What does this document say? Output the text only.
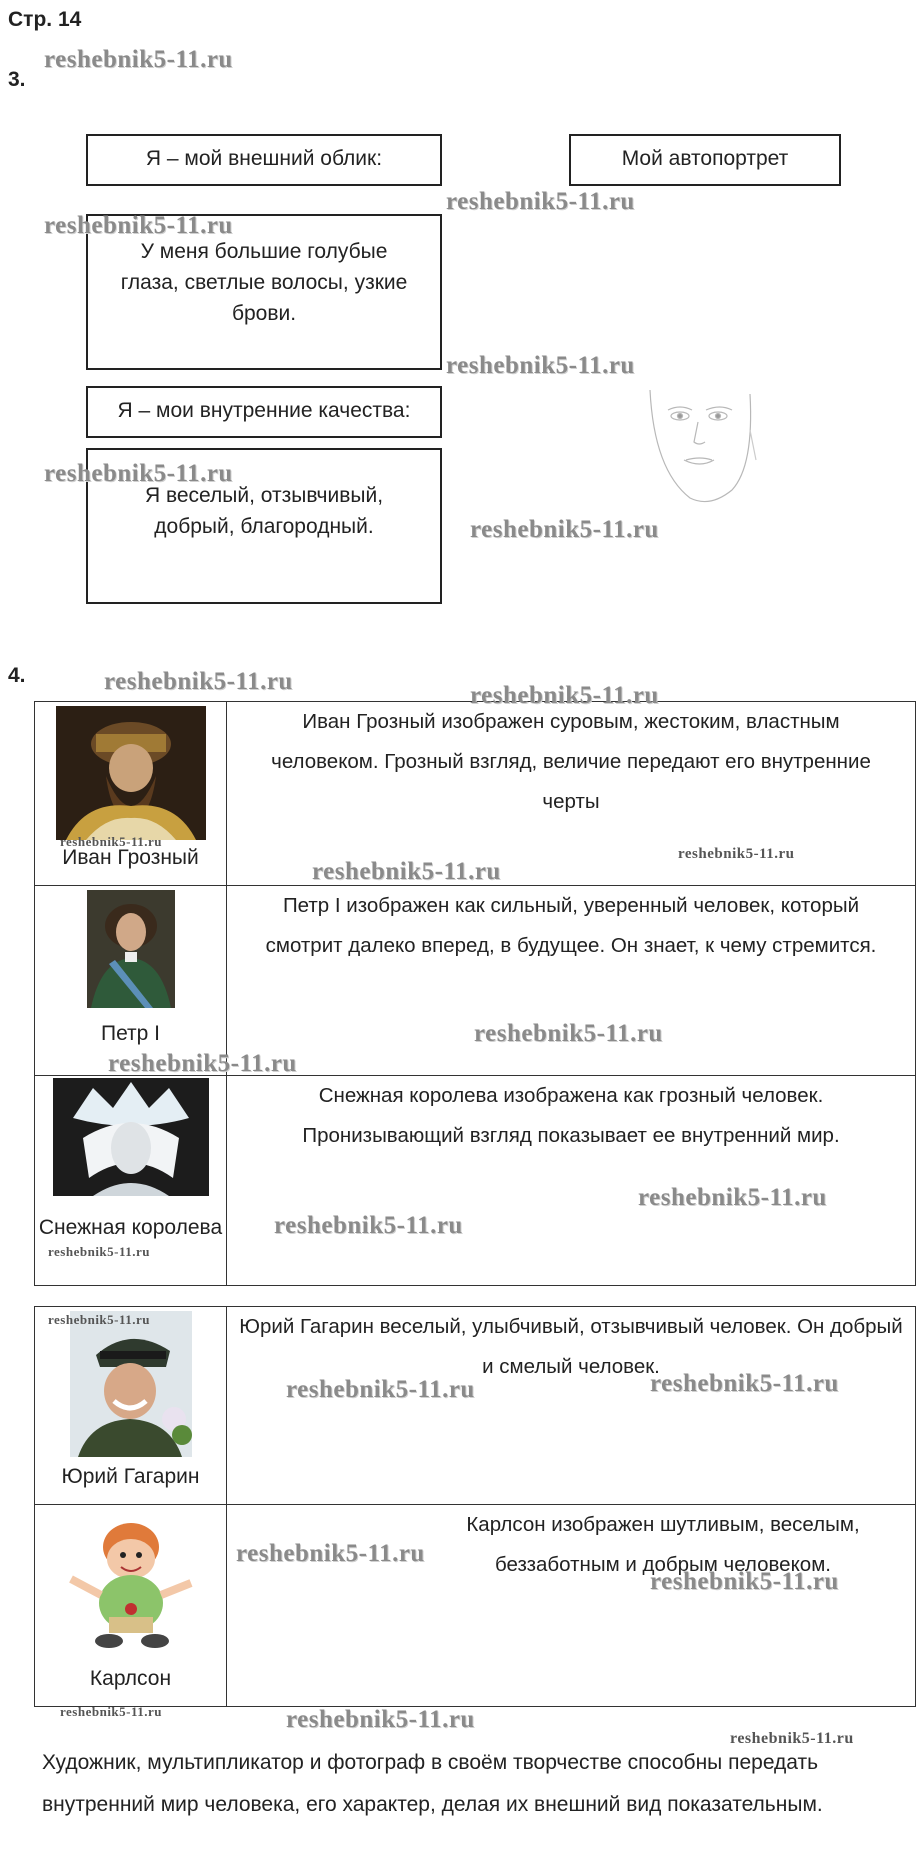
Стр. 14
3.
Я – мой внешний облик:	Мой автопортрет
У меня большие голубые глаза, светлые волосы, узкие брови.
Я – мои внутренние качества:
Я веселый, отзывчивый, добрый, благородный.
4.
Иван Грозный	Иван Грозный изображен суровым, жестоким, властным человеком. Грозный взгляд, величие передают его внутренние черты

Петр I	Петр I изображен как сильный, уверенный человек, который смотрит далеко вперед, в будущее. Он знает, к чему стремится.

Снежная королева	Снежная королева изображена как грозный человек. Пронизывающий взгляд показывает ее внутренний мир.
Юрий Гагарин	Юрий Гагарин веселый, улыбчивый, отзывчивый человек. Он добрый и смелый человек.

Карлсон	Карлсон изображен шутливым, веселым, беззаботным и добрым человеком.
Художник, мультипликатор и фотограф в своём творчестве способны передать внутренний мир человека, его характер, делая их внешний вид показательным.
reshebnik5-11.ru
reshebnik5-11.ru
reshebnik5-11.ru
reshebnik5-11.ru
reshebnik5-11.ru
reshebnik5-11.ru
reshebnik5-11.ru
reshebnik5-11.ru
reshebnik5-11.ru
reshebnik5-11.ru
reshebnik5-11.ru
reshebnik5-11.ru
reshebnik5-11.ru
reshebnik5-11.ru
reshebnik5-11.ru
reshebnik5-11.ru
reshebnik5-11.ru
reshebnik5-11.ru
reshebnik5-11.ru
reshebnik5-11.ru
reshebnik5-11.ru
reshebnik5-11.ru	reshebnik5-11.ru
reshebnik5-11.ru
